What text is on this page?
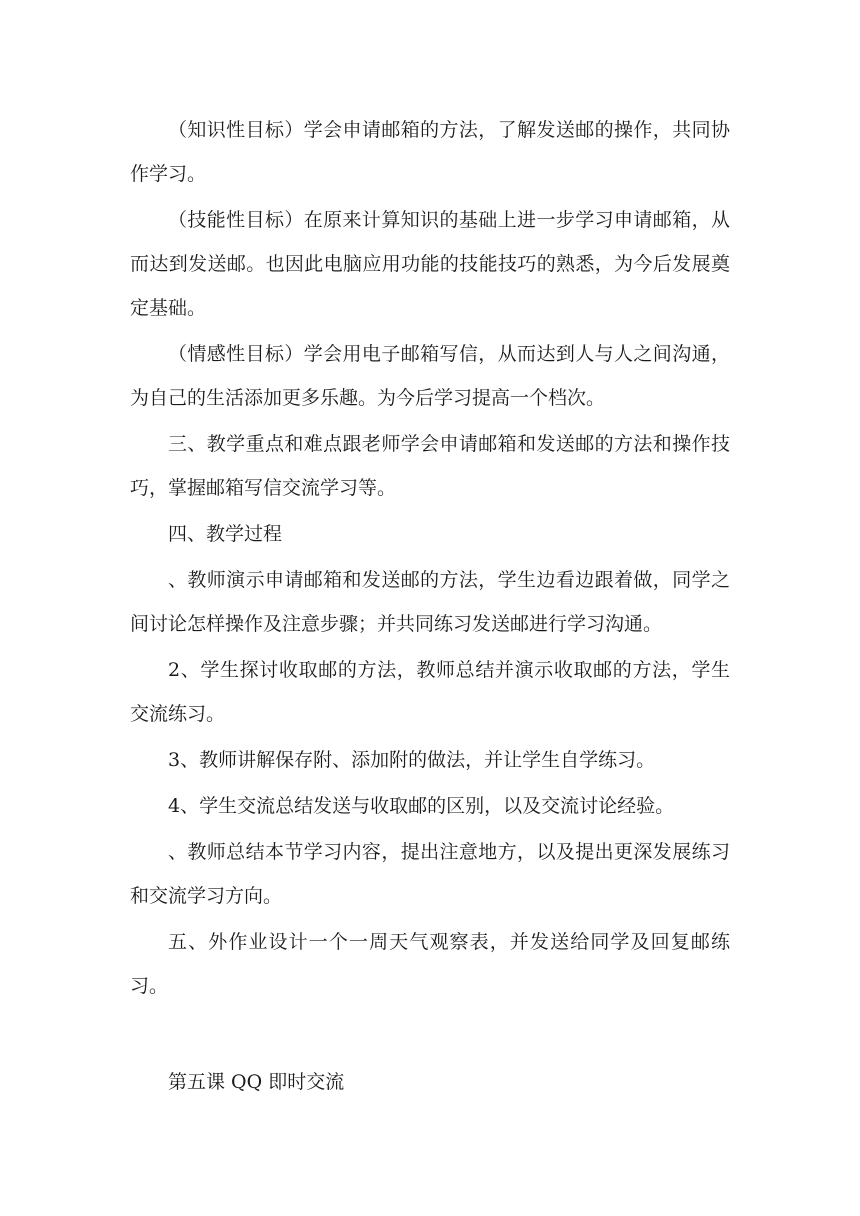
（知识性目标）学会申请邮箱的方法，了解发送邮的操作，共同协作学习。

（技能性目标）在原来计算知识的基础上进一步学习申请邮箱，从而达到发送邮。也因此电脑应用功能的技能技巧的熟悉，为今后发展奠定基础。

（情感性目标）学会用电子邮箱写信，从而达到人与人之间沟通，为自己的生活添加更多乐趣。为今后学习提高一个档次。

三、教学重点和难点跟老师学会申请邮箱和发送邮的方法和操作技巧，掌握邮箱写信交流学习等。

四、教学过程

、教师演示申请邮箱和发送邮的方法，学生边看边跟着做，同学之间讨论怎样操作及注意步骤；并共同练习发送邮进行学习沟通。

2、学生探讨收取邮的方法，教师总结并演示收取邮的方法，学生交流练习。

3、教师讲解保存附、添加附的做法，并让学生自学练习。

4、学生交流总结发送与收取邮的区别，以及交流讨论经验。

、教师总结本节学习内容，提出注意地方，以及提出更深发展练习和交流学习方向。

五、外作业设计一个一周天气观察表，并发送给同学及回复邮练习。

第五课 QQ 即时交流
